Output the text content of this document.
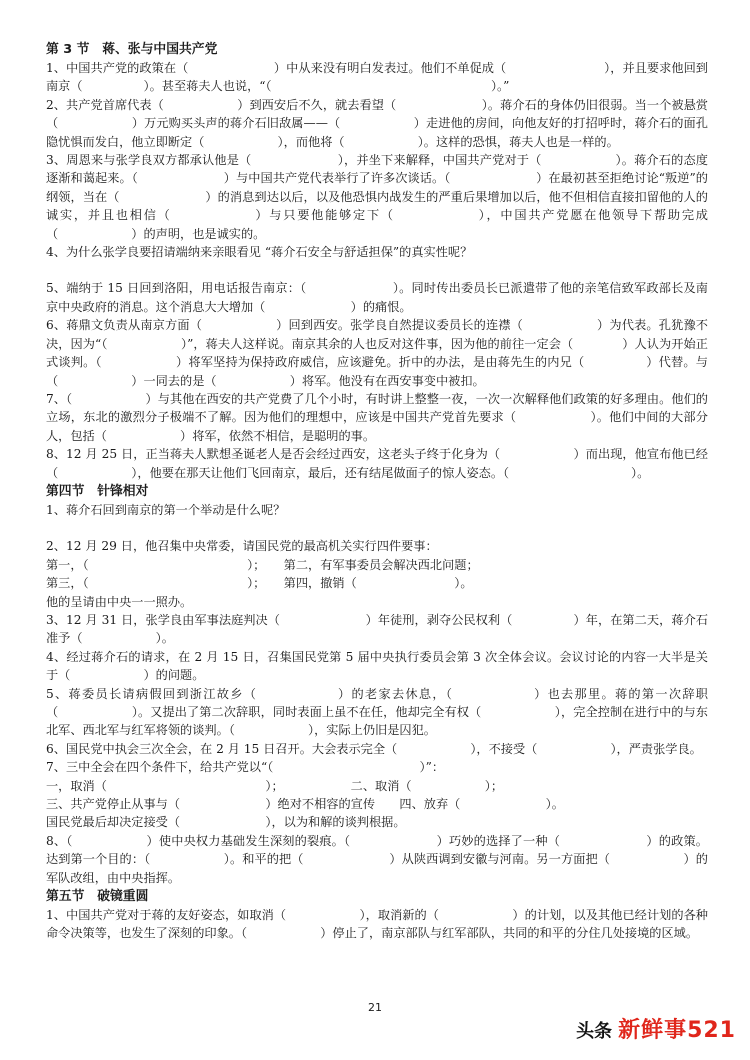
第 3 节　蒋、张与中国共产党

1、中国共产党的政策在（　　　　　　　）中从来没有明白发表过。他们不单促成（　　　　　　　　），并且要求他回到南京（　　　　　）。甚至蒋夫人也说，“（　　　　　　　　　　　　　　　　　　）。”

2、共产党首席代表（　　　　　　）到西安后不久，就去看望（　　　　　　　）。蒋介石的身体仍旧很弱。当一个被悬赏（　　　　　　）万元购买头声的蒋介石旧敌属——（　　　　　　）走进他的房间，向他友好的打招呼时，蒋介石的面孔隐忧惧而发白，他立即断定（　　　　　　），而他将（　　　　　　）。这样的恐惧，蒋夫人也是一样的。

3、周恩来与张学良双方都承认他是（　　　　　　　），并坐下来解释，中国共产党对于（　　　　　　）。蒋介石的态度逐渐和蔼起来。（　　　　　　　）与中国共产党代表举行了许多次谈话。（　　　　　　　）在最初甚至拒绝讨论“叛逆”的纲领，当在（　　　　　　　）的消息到达以后，以及他恐惧内战发生的严重后果增加以后，他不但相信直接扣留他的人的诚实，并且也相信（　　　　　　）与只要他能够定下（　　　　　　），中国共产党愿在他领导下帮助完成（　　　　　　）的声明，也是诚实的。

4、为什么张学良要招请端纳来亲眼看见 “蒋介石安全与舒适担保”的真实性呢？

5、端纳于 15 日回到洛阳，用电话报告南京：（　　　　　　　）。同时传出委员长已派遣带了他的亲笔信致军政部长及南京中央政府的消息。这个消息大大增加（　　　　　　　）的痛恨。

6、蒋鼎文负责从南京方面（　　　　　　）回到西安。张学良自然提议委员长的连襟（　　　　　　）为代表。孔犹豫不决，因为“（　　　　　　）”，蒋夫人这样说。南京其余的人也反对这件事，因为他的前往一定会（　　　　）人认为开始正式谈判。（　　　　　　）将军坚持为保持政府威信，应该避免。折中的办法，是由蒋先生的内兄（　　　　　）代替。与（　　　　　　）一同去的是（　　　　　　）将军。他没有在西安事变中被扣。

7、（　　　　　　）与其他在西安的共产党费了几个小时，有时讲上整整一夜，一次一次解释他们政策的好多理由。他们的立场，东北的激烈分子极端不了解。因为他们的理想中，应该是中国共产党首先要求（　　　　　　）。他们中间的大部分人，包括（　　　　　　）将军，依然不相信，是聪明的事。

8、12 月 25 日，正当蒋夫人默想圣诞老人是否会经过西安，这老头子终于化身为（　　　　　　）而出现，他宣布他已经（　　　　　　），他要在那天让他们飞回南京，最后，还有结尾做面子的惊人姿态。（　　　　　　　　　　）。

第四节　针锋相对

1、蒋介石回到南京的第一个举动是什么呢？

2、12 月 29 日，他召集中央常委，请国民党的最高机关实行四件要事：

第一，（　　　　　　　　　　　　　）；　　第二，有军事委员会解决西北问题；

第三，（　　　　　　　　　　　　　）；　　第四，撤销（　　　　　　　　）。

他的呈请由中央一一照办。

3、12 月 31 日，张学良由军事法庭判决（　　　　　　　）年徒刑，剥夺公民权利（　　　　　）年，在第二天，蒋介石准予（　　　　　　）。

4、经过蒋介石的请求，在 2 月 15 日，召集国民党第 5 届中央执行委员会第 3 次全体会议。会议讨论的内容一大半是关于（　　　　　　）的问题。

5、蒋委员长请病假回到浙江故乡（　　　　　　）的老家去休息，（　　　　　　）也去那里。蒋的第一次辞职（　　　　　　）。又提出了第二次辞职，同时表面上虽不在任，他却完全有权（　　　　　　），完全控制在进行中的与东北军、西北军与红军将领的谈判。（　　　　　　），实际上仍旧是囚犯。

6、国民党中执会三次全会，在 2 月 15 日召开。大会表示完全（　　　　　　），不接受（　　　　　　），严责张学良。

7、三中全会在四个条件下，给共产党以“（　　　　　　　　　　　　）”：

一，取消（　　　　　　　　　　　　　）；　　　　　　二、取消（　　　　　　）；

三、共产党停止从事与（　　　　　　　）绝对不相容的宣传　　四、放弃（　　　　　　　）。

国民党最后却决定接受（　　　　　　　），以为和解的谈判根据。

8、（　　　　　　）使中央权力基础发生深刻的裂痕。（　　　　　　　）巧妙的选择了一种（　　　　　　　）的政策。达到第一个目的：（　　　　　　）。和平的把（　　　　　　　）从陕西调到安徽与河南。另一方面把（　　　　　　）的军队改组，由中央指挥。

第五节　破镜重圆

1、中国共产党对于蒋的友好姿态，如取消（　　　　　　），取消新的（　　　　　　）的计划，以及其他已经计划的各种命令决策等，也发生了深刻的印象。（　　　　　　）停止了，南京部队与红军部队，共同的和平的分住几处接境的区域。

21
头条 新鲜事521
